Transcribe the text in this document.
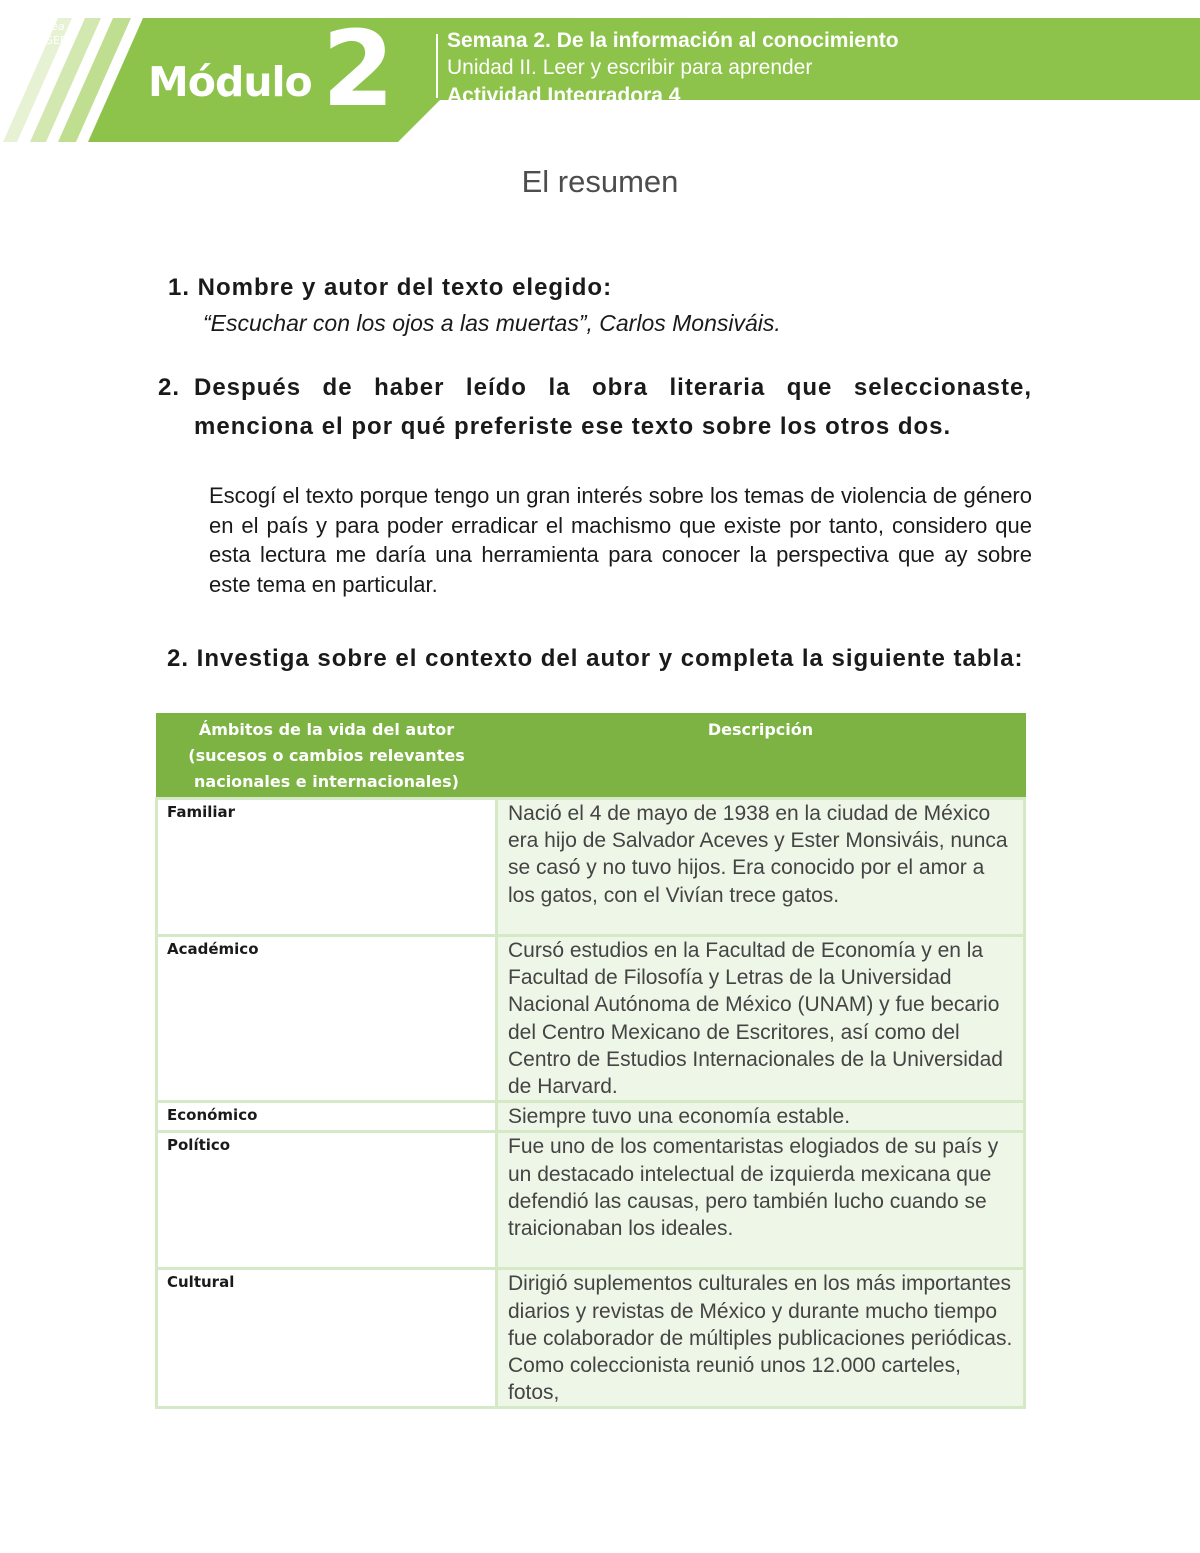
Módulo 2	Semana 2. De la información al conocimiento
Unidad II. Leer y escribir para aprender
Actividad Integradora 4
Prepa en
línea
SEP
El resumen
1. Nombre y autor del texto elegido:
“Escuchar con los ojos a las muertas”, Carlos Monsiváis.
2. Después de haber leído la obra literaria que seleccionaste, menciona el por qué preferiste ese texto sobre los otros dos.
Escogí el texto porque tengo un gran interés sobre los temas de violencia de género en el país y para poder erradicar el machismo que existe por tanto, considero que esta lectura me daría una herramienta para conocer la perspectiva que ay sobre este tema en particular.
2. Investiga sobre el contexto del autor y completa la siguiente tabla:
Ámbitos de la vida del autor (sucesos o cambios relevantes nacionales e internacionales)	Descripción
Familiar	Nació el 4 de mayo de 1938 en la ciudad de México era hijo de Salvador Aceves y Ester Monsiváis, nunca se casó y no tuvo hijos. Era conocido por el amor a los gatos, con el Vivían trece gatos.
Académico	Cursó estudios en la Facultad de Economía y en la Facultad de Filosofía y Letras de la Universidad Nacional Autónoma de México (UNAM) y fue becario del Centro Mexicano de Escritores, así como del Centro de Estudios Internacionales de la Universidad de Harvard.
Económico	Siempre tuvo una economía estable.
Político	Fue uno de los comentaristas elogiados de su país y un destacado intelectual de izquierda mexicana que defendió las causas, pero también lucho cuando se traicionaban los ideales.
Cultural	Dirigió suplementos culturales en los más importantes diarios y revistas de México y durante mucho tiempo fue colaborador de múltiples publicaciones periódicas. Como coleccionista reunió unos 12.000 carteles, fotos,
